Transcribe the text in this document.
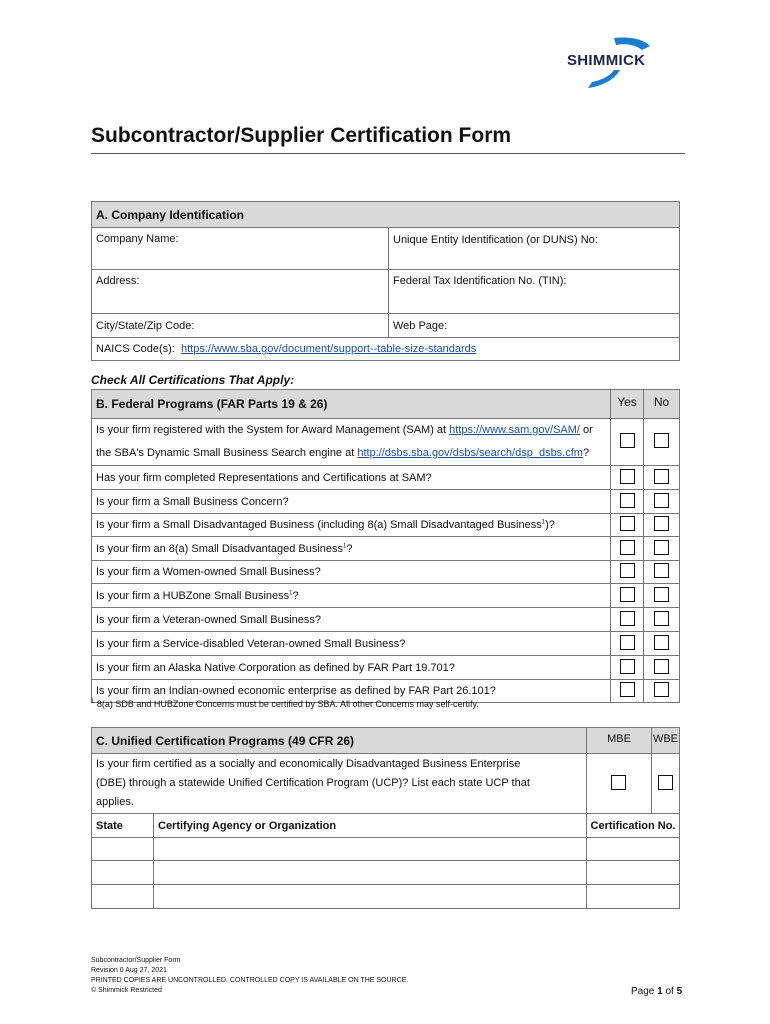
SHIMMICK
Subcontractor/Supplier Certification Form
A. Company Identification	
Company Name:	Unique Entity Identification (or DUNS) No:
Address:	Federal Tax Identification No. (TIN):
City/State/Zip Code:	Web Page:
NAICS Code(s): https://www.sba.gov/document/support--table-size-standards	
Check All Certifications That Apply:
B. Federal Programs (FAR Parts 19 & 26)	Yes	No
Is your firm registered with the System for Award Management (SAM) at https://www.sam.gov/SAM/ or
the SBA's Dynamic Small Business Search engine at http://dsbs.sba.gov/dsbs/search/dsp_dsbs.cfm?		
Has your firm completed Representations and Certifications at SAM?		
Is your firm a Small Business Concern?		
Is your firm a Small Disadvantaged Business (including 8(a) Small Disadvantaged Business$^1$)?		
Is your firm an 8(a) Small Disadvantaged Business$^1$?		
Is your firm a Women-owned Small Business?		
Is your firm a HUBZone Small Business$^1$?		
Is your firm a Veteran-owned Small Business?		
Is your firm a Service-disabled Veteran-owned Small Business?		
Is your firm an Alaska Native Corporation as defined by FAR Part 19.701?		
Is your firm an Indian-owned economic enterprise as defined by FAR Part 26.101?		
$^1$ 8(a) SDB and HUBZone Concerns must be certified by SBA. All other Concerns may self-certify.
C. Unified Certification Programs (49 CFR 26)		MBE	WBE
Is your firm certified as a socially and economically Disadvantaged Business Enterprise
(DBE) through a statewide Unified Certification Program (UCP)? List each state UCP that
applies.			
State	Certifying Agency or Organization	Certification No.	

Subcontractor/Supplier Form
Revision 0 Aug 27, 2021
PRINTED COPIES ARE UNCONTROLLED. CONTROLLED COPY IS AVAILABLE ON THE SOURCE.
© Shimmick Restricted	Page 1 of 5
